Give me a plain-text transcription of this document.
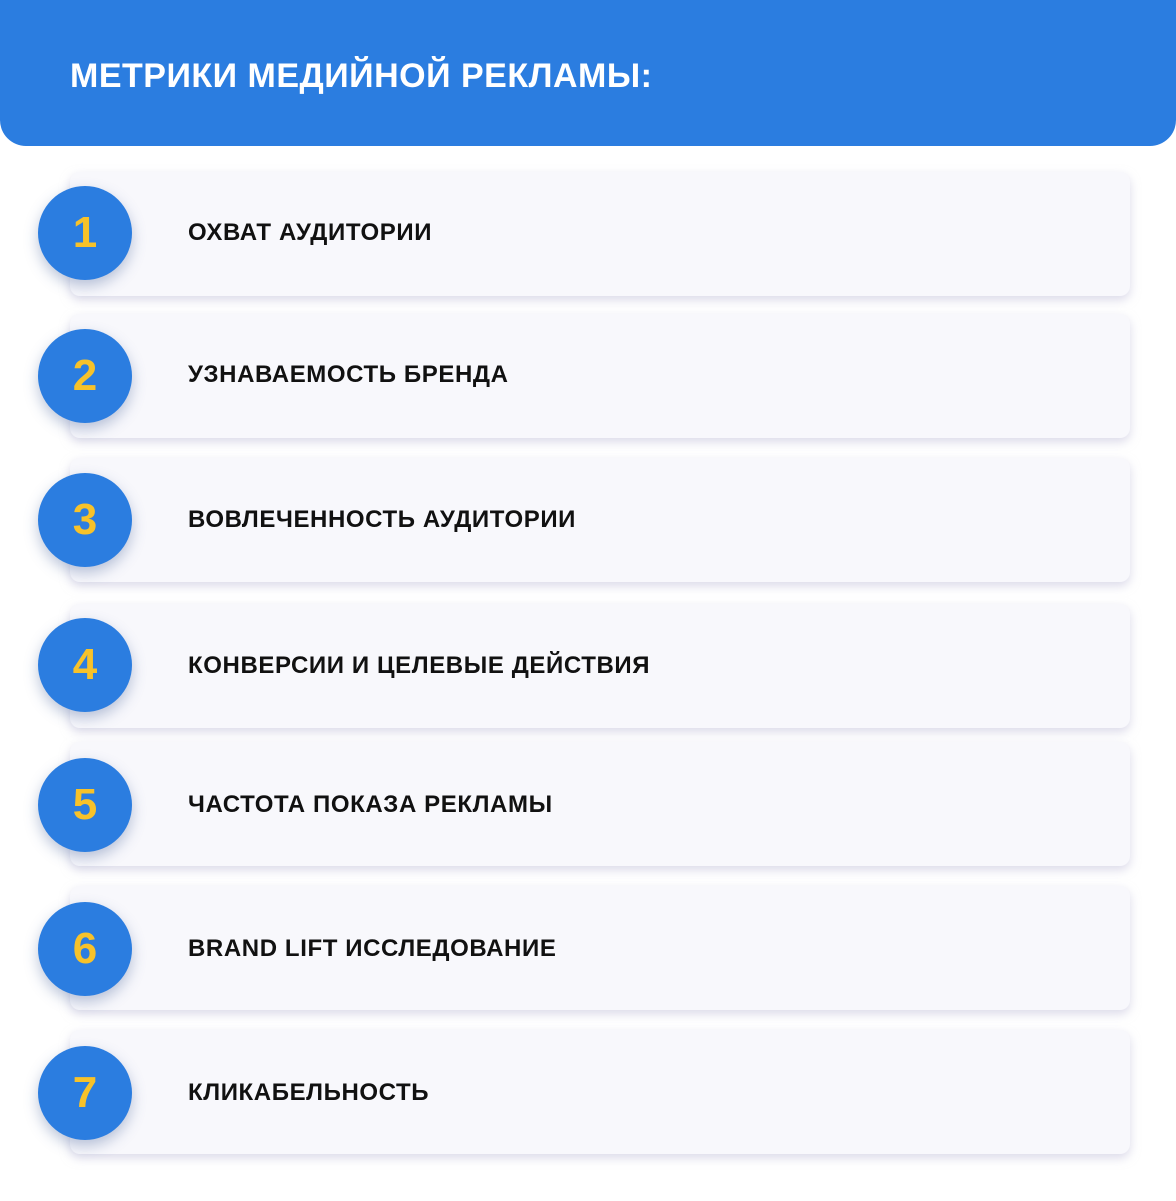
МЕТРИКИ МЕДИЙНОЙ РЕКЛАМЫ:
1	ОХВАТ АУДИТОРИИ
2	УЗНАВАЕМОСТЬ БРЕНДА
3	ВОВЛЕЧЕННОСТЬ АУДИТОРИИ
4	КОНВЕРСИИ И ЦЕЛЕВЫЕ ДЕЙСТВИЯ
5	ЧАСТОТА ПОКАЗА РЕКЛАМЫ
6	BRAND LIFT ИССЛЕДОВАНИЕ
7	КЛИКАБЕЛЬНОСТЬ
